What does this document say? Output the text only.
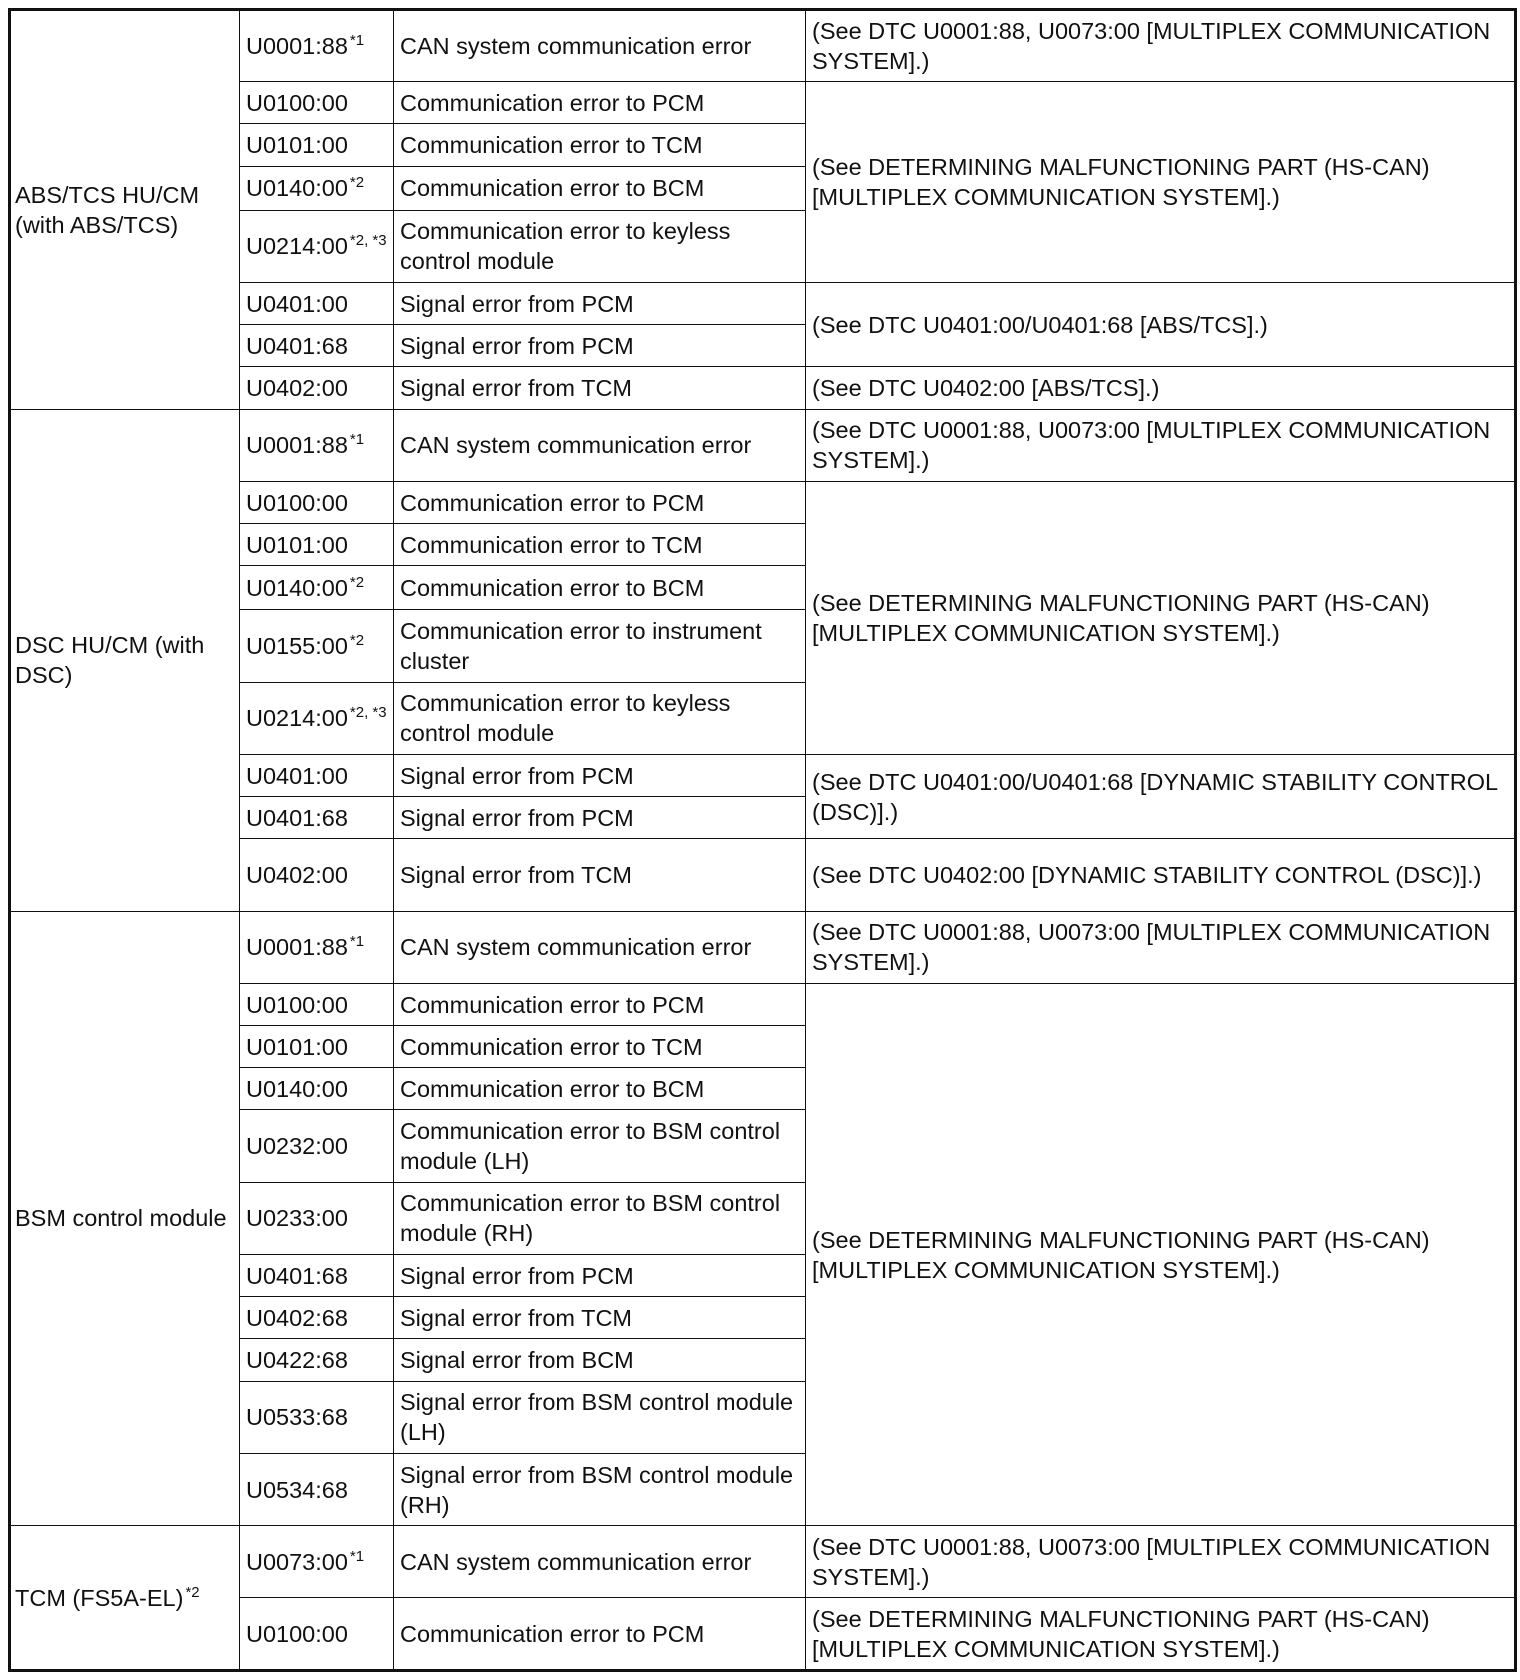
ABS/TCS HU/CM (with ABS/TCS)	U0001:88 $^{*1}$	CAN system communication error	(See DTC U0001:88, U0073:00 [MULTIPLEX COMMUNICATION SYSTEM].)
	U0100:00	Communication error to PCM	(See DETERMINING MALFUNCTIONING PART (HS-CAN) [MULTIPLEX COMMUNICATION SYSTEM].)
	U0101:00	Communication error to TCM	
	U0140:00 $^{*2}$	Communication error to BCM	
	U0214:00 $^{*2, *3}$	Communication error to keyless control module	
	U0401:00	Signal error from PCM	(See DTC U0401:00/U0401:68 [ABS/TCS].)
	U0401:68	Signal error from PCM	
	U0402:00	Signal error from TCM	(See DTC U0402:00 [ABS/TCS].)
DSC HU/CM (with DSC)	U0001:88 $^{*1}$	CAN system communication error	(See DTC U0001:88, U0073:00 [MULTIPLEX COMMUNICATION SYSTEM].)
	U0100:00	Communication error to PCM	(See DETERMINING MALFUNCTIONING PART (HS-CAN) [MULTIPLEX COMMUNICATION SYSTEM].)
	U0101:00	Communication error to TCM	
	U0140:00 $^{*2}$	Communication error to BCM	
	U0155:00 $^{*2}$	Communication error to instrument cluster	
	U0214:00 $^{*2, *3}$	Communication error to keyless control module	
	U0401:00	Signal error from PCM	(See DTC U0401:00/U0401:68 [DYNAMIC STABILITY CONTROL (DSC)].)
	U0401:68	Signal error from PCM	
	U0402:00	Signal error from TCM	(See DTC U0402:00 [DYNAMIC STABILITY CONTROL (DSC)].)
BSM control module	U0001:88 $^{*1}$	CAN system communication error	(See DTC U0001:88, U0073:00 [MULTIPLEX COMMUNICATION SYSTEM].)
	U0100:00	Communication error to PCM	(See DETERMINING MALFUNCTIONING PART (HS-CAN) [MULTIPLEX COMMUNICATION SYSTEM].)
	U0101:00	Communication error to TCM	
	U0140:00	Communication error to BCM	
	U0232:00	Communication error to BSM control module (LH)	
	U0233:00	Communication error to BSM control module (RH)	
	U0401:68	Signal error from PCM	
	U0402:68	Signal error from TCM	
	U0422:68	Signal error from BCM	
	U0533:68	Signal error from BSM control module (LH)	
	U0534:68	Signal error from BSM control module (RH)	
TCM (FS5A-EL) $^{*2}$	U0073:00 $^{*1}$	CAN system communication error	(See DTC U0001:88, U0073:00 [MULTIPLEX COMMUNICATION SYSTEM].)
	U0100:00	Communication error to PCM	(See DETERMINING MALFUNCTIONING PART (HS-CAN) [MULTIPLEX COMMUNICATION SYSTEM].)
